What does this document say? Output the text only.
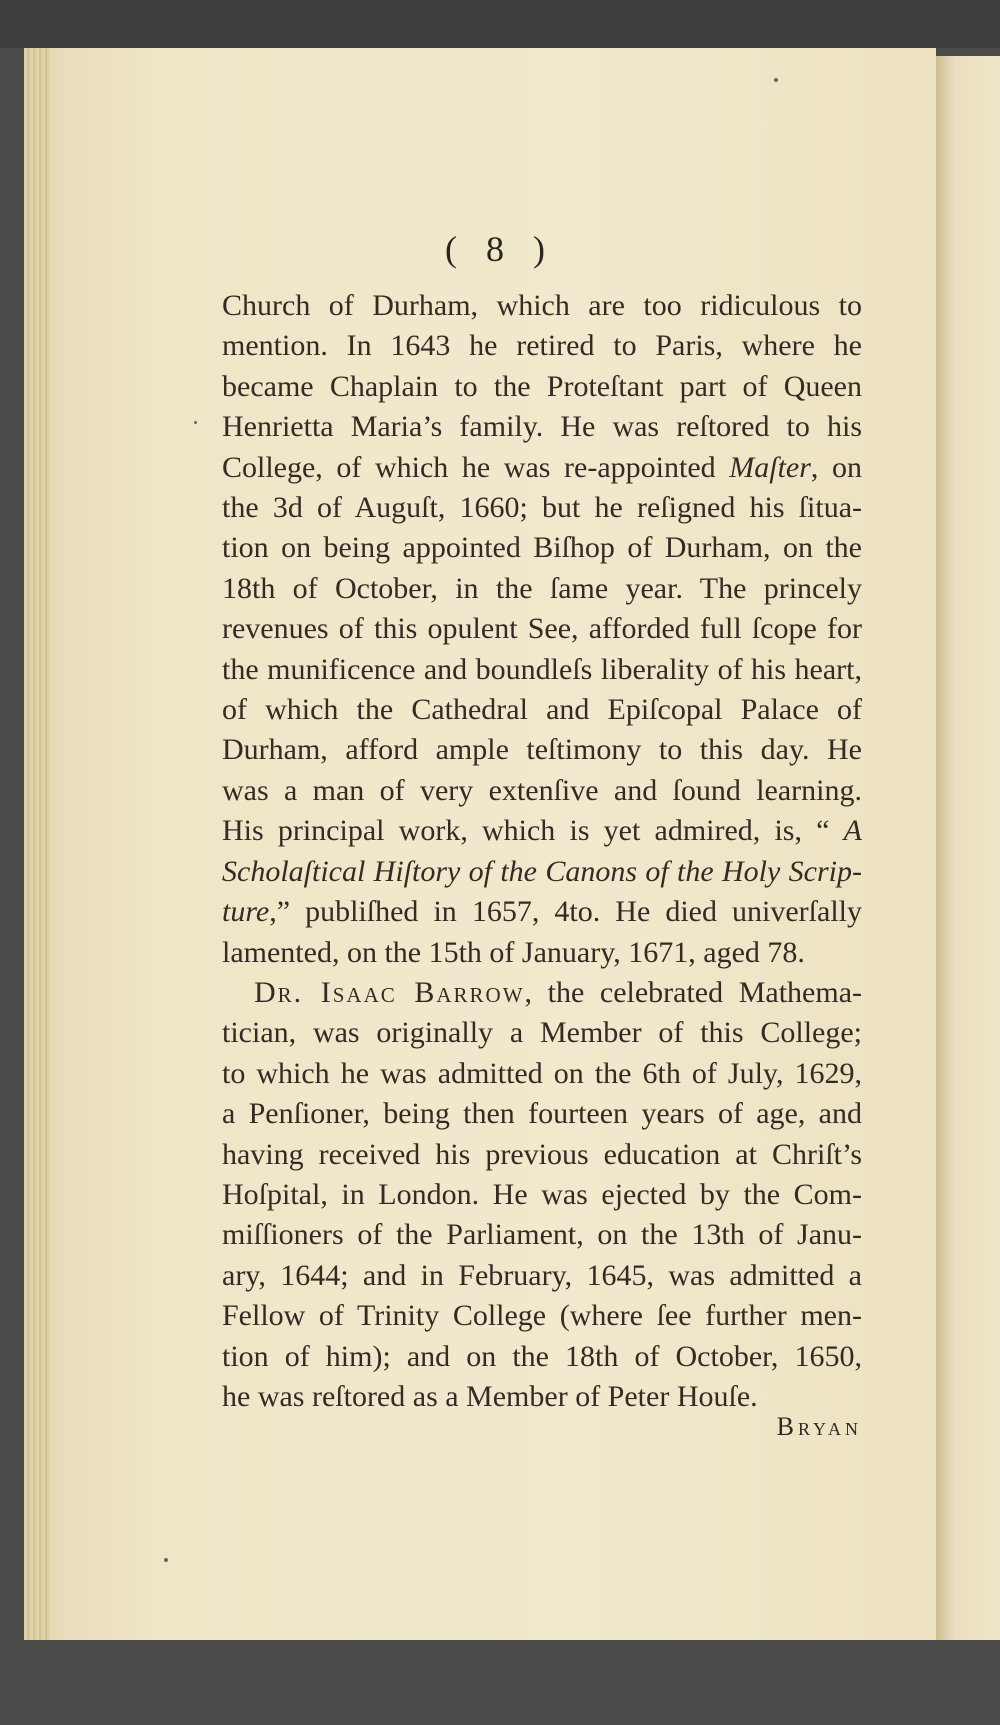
( 8 )
Church of Durham, which are too ridiculous to
mention. In 1643 he retired to Paris, where he
became Chaplain to the Proteſtant part of Queen
Henrietta Maria’s family. He was reſtored to his
College, of which he was re-appointed Maſter, on
the 3d of Auguſt, 1660; but he reſigned his ſitua-
tion on being appointed Biſhop of Durham, on the
18th of October, in the ſame year. The princely
revenues of this opulent See, afforded full ſcope for
the munificence and boundleſs liberality of his heart,
of which the Cathedral and Epiſcopal Palace of
Durham, afford ample teſtimony to this day. He
was a man of very extenſive and ſound learning.
His principal work, which is yet admired, is, “ A
Scholaſtical Hiſtory of the Canons of the Holy Scrip-
ture,” publiſhed in 1657, 4to. He died univerſally
lamented, on the 15th of January, 1671, aged 78.
Dr. Isaac Barrow, the celebrated Mathema-
tician, was originally a Member of this College;
to which he was admitted on the 6th of July, 1629,
a Penſioner, being then fourteen years of age, and
having received his previous education at Chriſt’s
Hoſpital, in London. He was ejected by the Com-
miſſioners of the Parliament, on the 13th of Janu-
ary, 1644; and in February, 1645, was admitted a
Fellow of Trinity College (where ſee further men-
tion of him); and on the 18th of October, 1650,
he was reſtored as a Member of Peter Houſe.
Bryan
